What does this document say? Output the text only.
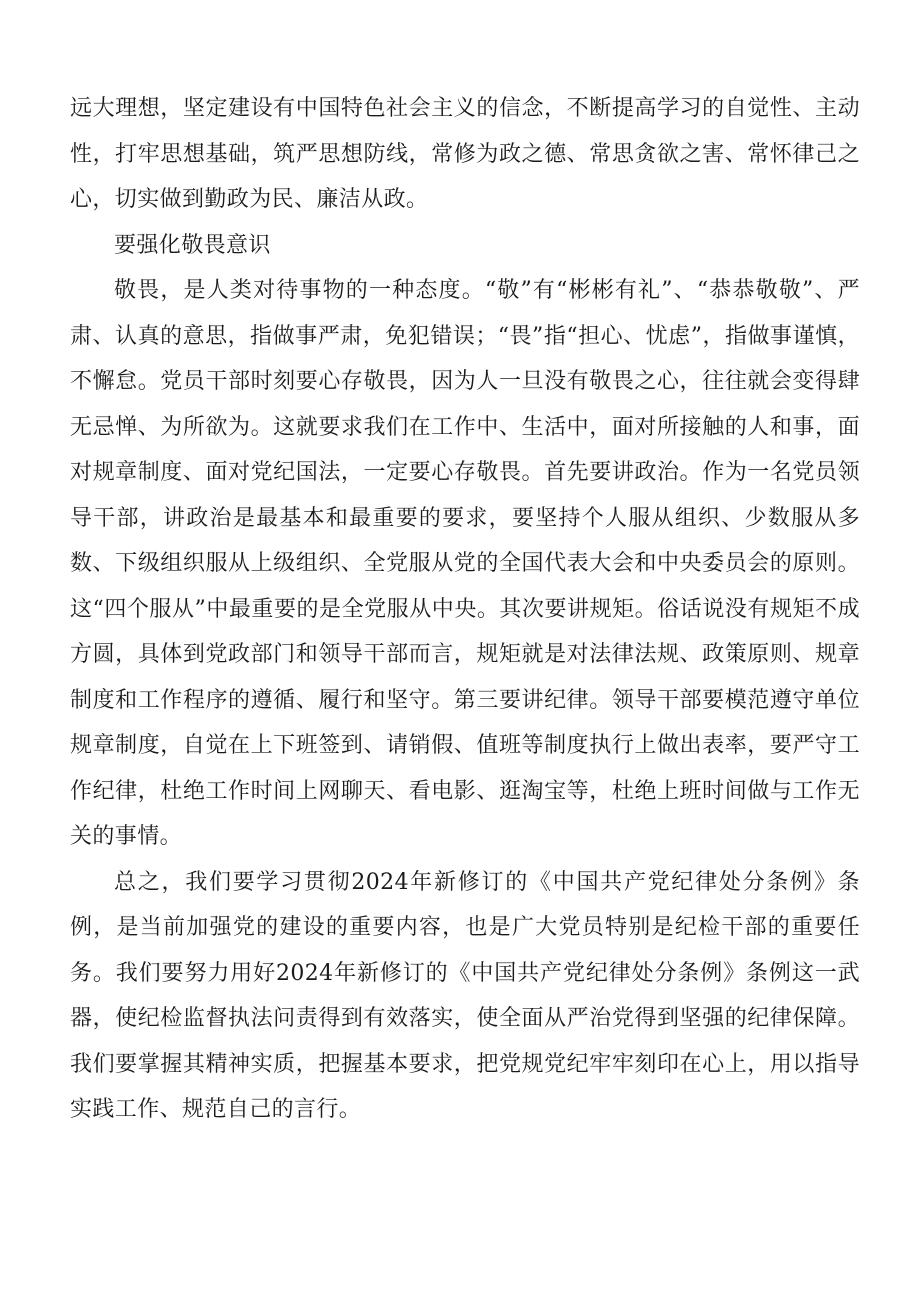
远大理想，坚定建设有中国特色社会主义的信念，不断提高学习的自觉性、主动性，打牢思想基础，筑严思想防线，常修为政之德、常思贪欲之害、常怀律己之心，切实做到勤政为民、廉洁从政。

要强化敬畏意识

敬畏，是人类对待事物的一种态度。“敬”有“彬彬有礼”、“恭恭敬敬”、严肃、认真的意思，指做事严肃，免犯错误；“畏”指“担心、忧虑”，指做事谨慎，不懈怠。党员干部时刻要心存敬畏，因为人一旦没有敬畏之心，往往就会变得肆无忌惮、为所欲为。这就要求我们在工作中、生活中，面对所接触的人和事，面对规章制度、面对党纪国法，一定要心存敬畏。首先要讲政治。作为一名党员领导干部，讲政治是最基本和最重要的要求，要坚持个人服从组织、少数服从多数、下级组织服从上级组织、全党服从党的全国代表大会和中央委员会的原则。这“四个服从”中最重要的是全党服从中央。其次要讲规矩。俗话说没有规矩不成方圆，具体到党政部门和领导干部而言，规矩就是对法律法规、政策原则、规章制度和工作程序的遵循、履行和坚守。第三要讲纪律。领导干部要模范遵守单位规章制度，自觉在上下班签到、请销假、值班等制度执行上做出表率，要严守工作纪律，杜绝工作时间上网聊天、看电影、逛淘宝等，杜绝上班时间做与工作无关的事情。

总之，我们要学习贯彻2024年新修订的《中国共产党纪律处分条例》条例，是当前加强党的建设的重要内容，也是广大党员特别是纪检干部的重要任务。我们要努力用好2024年新修订的《中国共产党纪律处分条例》条例这一武器，使纪检监督执法问责得到有效落实，使全面从严治党得到坚强的纪律保障。我们要掌握其精神实质，把握基本要求，把党规党纪牢牢刻印在心上，用以指导实践工作、规范自己的言行。
